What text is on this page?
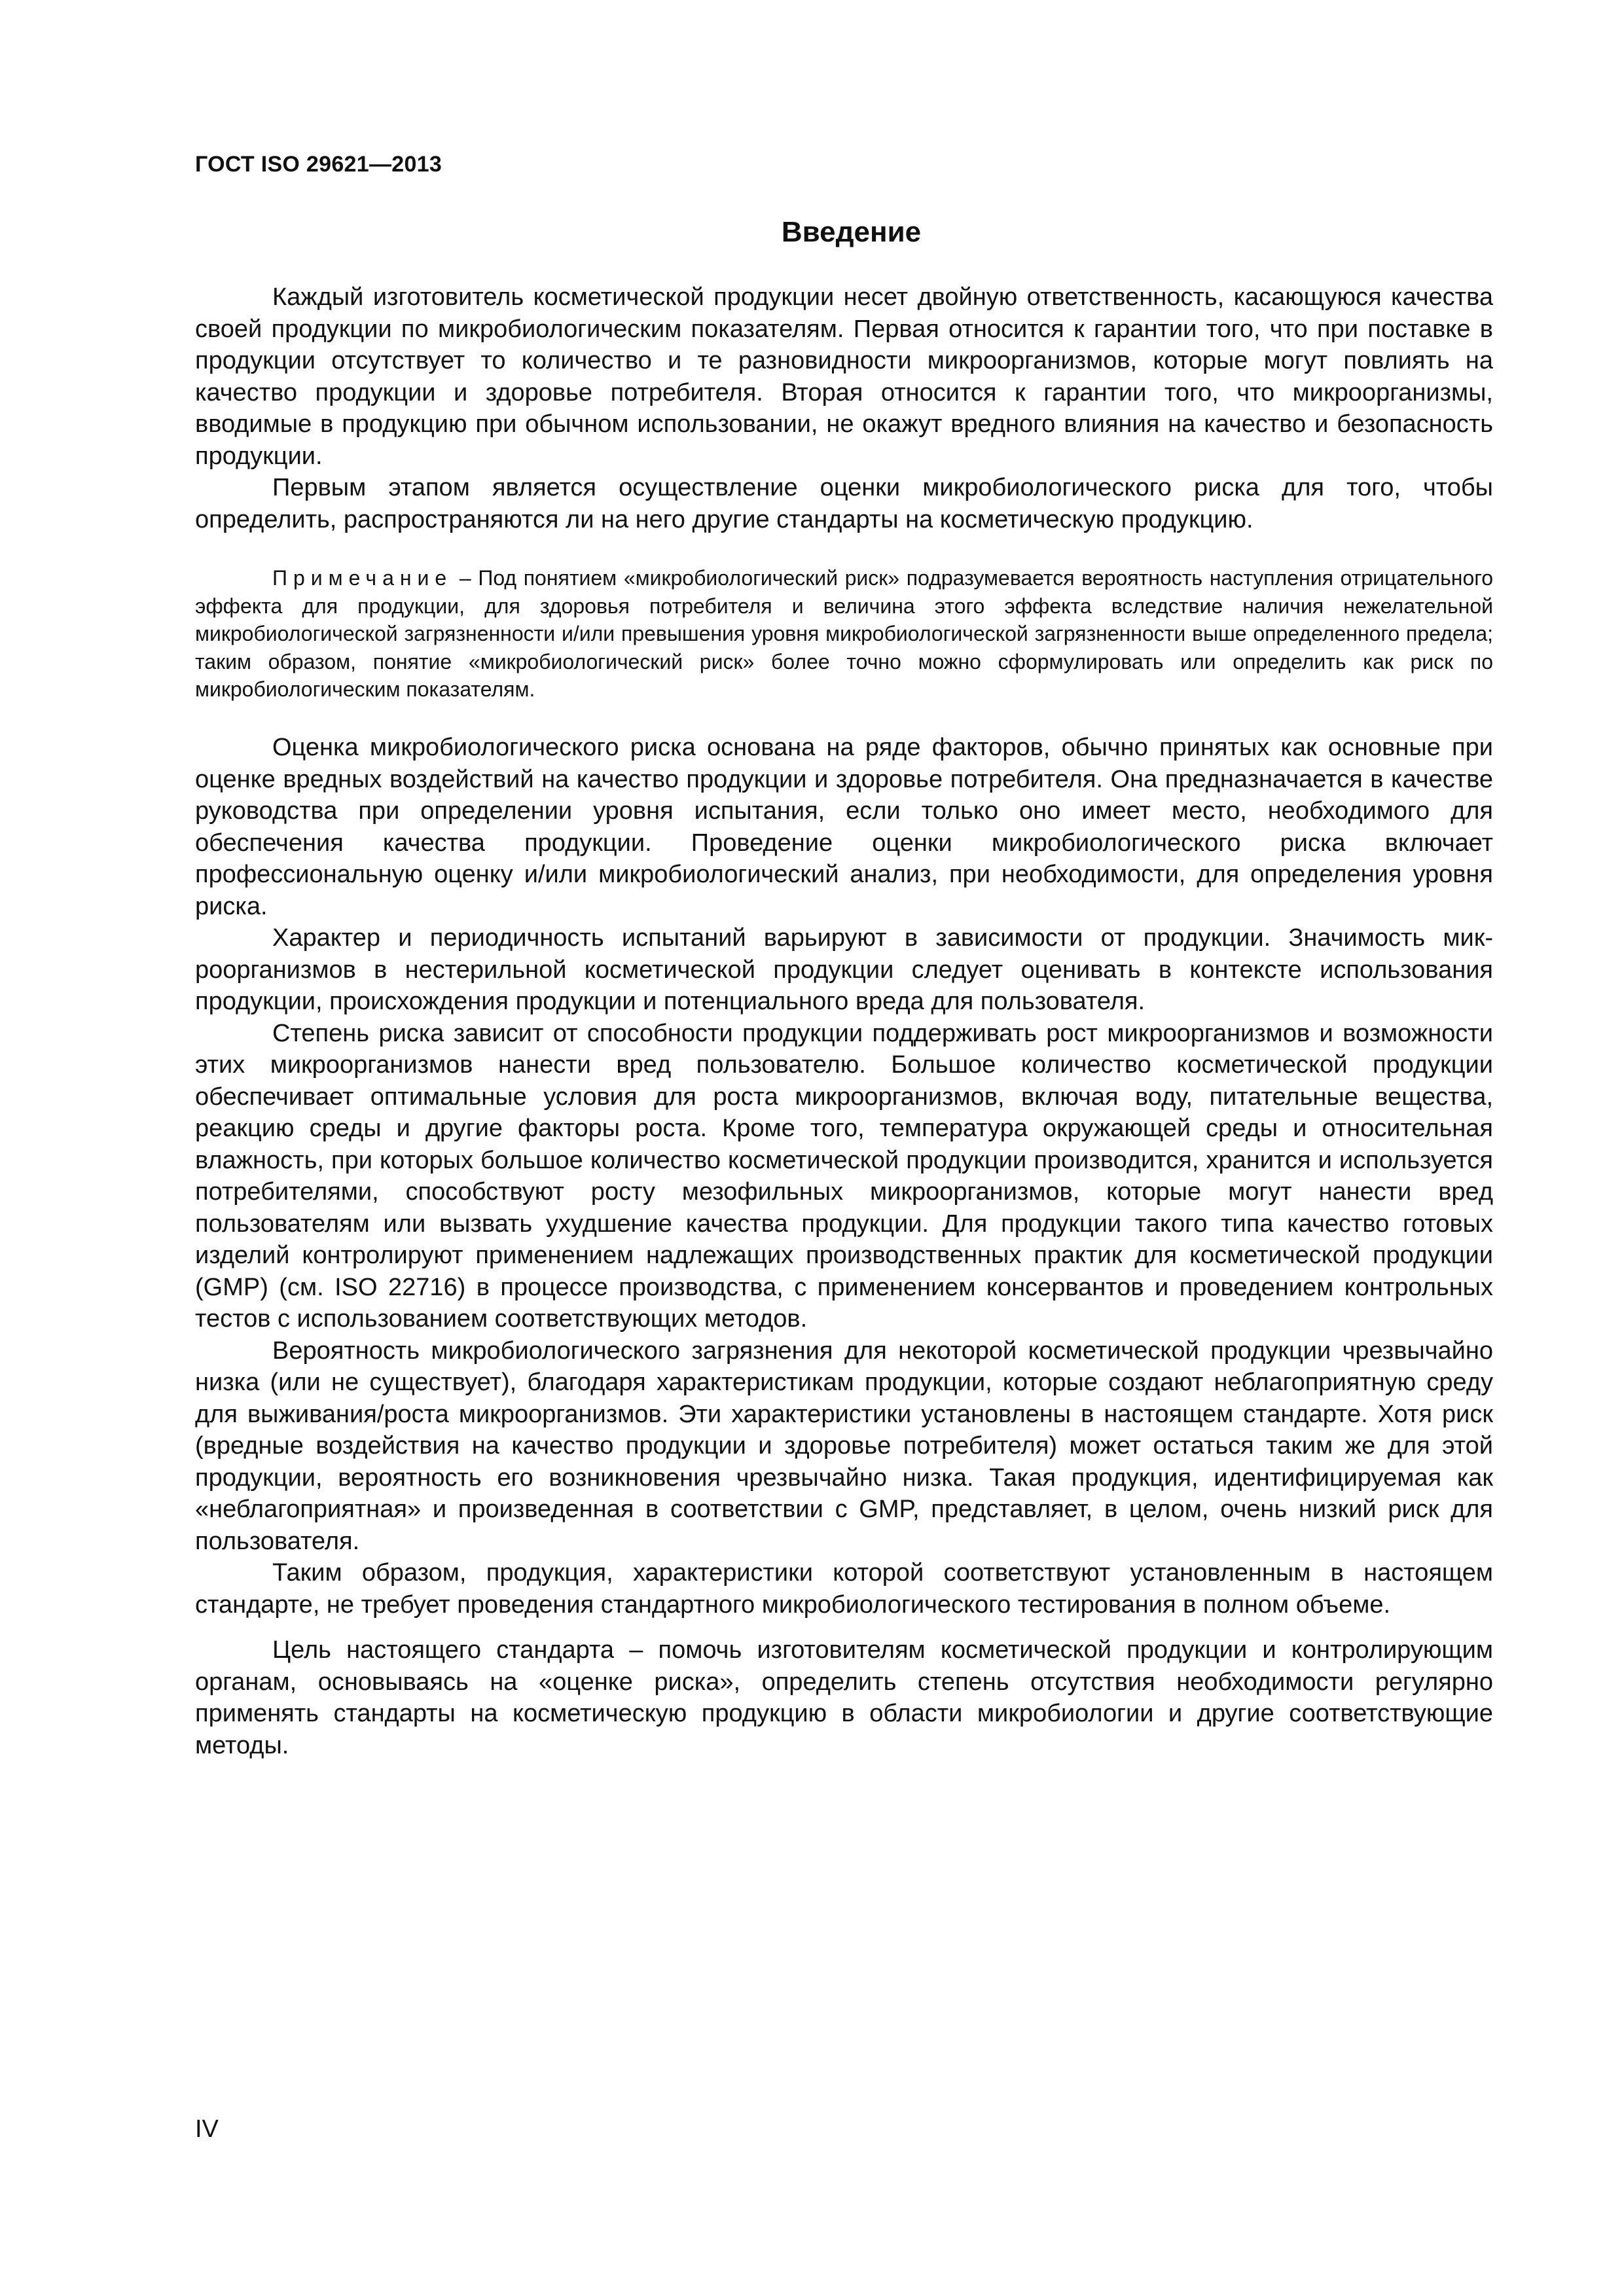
ГОСТ ISO 29621—2013
Введение

Каждый изготовитель косметической продукции несет двойную ответственность, касающуюся качества своей продукции по микробиологическим показателям. Первая относится к гарантии того, что при поставке в продукции отсутствует то количество и те разновидности микроорганизмов, которые могут повлиять на качество продукции и здоровье потребителя. Вторая относится к гарантии того, что микроорганизмы, вводимые в продукцию при обычном использовании, не окажут вредного влияния на качество и безопасность продукции.

Первым этапом является осуществление оценки микробиологического риска для того, чтобы определить, распространяются ли на него другие стандарты на косметическую продукцию.

Примечание – Под понятием «микробиологический риск» подразумевается вероятность наступления отрицательного эффекта для продукции, для здоровья потребителя и величина этого эффекта вследствие наличия нежелательной микробиологической загрязненности и/или превышения уровня микробиологической загрязненности выше определенного предела; таким образом, понятие «микробиологический риск» более точно можно сформулировать или определить как риск по микробиологическим показателям.

Оценка микробиологического риска основана на ряде факторов, обычно принятых как основные при оценке вредных воздействий на качество продукции и здоровье потребителя. Она предназначается в качестве руководства при определении уровня испытания, если только оно имеет место, необходимого для обеспечения качества продукции. Проведение оценки микробиологического риска включает профессиональную оценку и/или микробиологический анализ, при необходимости, для определения уровня риска.

Характер и периодичность испытаний варьируют в зависимости от продукции. Значимость микроорганизмов в нестерильной косметической продукции следует оценивать в контексте использования продукции, происхождения продукции и потенциального вреда для пользователя.

Степень риска зависит от способности продукции поддерживать рост микроорганизмов и возможности этих микроорганизмов нанести вред пользователю. Большое количество косметической продукции обеспечивает оптимальные условия для роста микроорганизмов, включая воду, питательные вещества, реакцию среды и другие факторы роста. Кроме того, температура окружающей среды и относительная влажность, при которых большое количество косметической продукции производится, хранится и используется потребителями, способствуют росту мезофильных микроорганизмов, которые могут нанести вред пользователям или вызвать ухудшение качества продукции. Для продукции такого типа качество готовых изделий контролируют применением надлежащих производственных практик для косметической продукции (GMP) (см. ISO 22716) в процессе производства, с применением консервантов и проведением контрольных тестов с использованием соответствующих методов.

Вероятность микробиологического загрязнения для некоторой косметической продукции чрезвычайно низка (или не существует), благодаря характеристикам продукции, которые создают неблагоприятную среду для выживания/роста микроорганизмов. Эти характеристики установлены в настоящем стандарте. Хотя риск (вредные воздействия на качество продукции и здоровье потребителя) может остаться таким же для этой продукции, вероятность его возникновения чрезвычайно низка. Такая продукция, идентифицируемая как «неблагоприятная» и произведенная в соответствии с GMP, представляет, в целом, очень низкий риск для пользователя.

Таким образом, продукция, характеристики которой соответствуют установленным в настоящем стандарте, не требует проведения стандартного микробиологического тестирования в полном объеме.

Цель настоящего стандарта – помочь изготовителям косметической продукции и контролирующим органам, основываясь на «оценке риска», определить степень отсутствия необходимости регулярно применять стандарты на косметическую продукцию в области микробиологии и другие соответствующие методы.

IV
